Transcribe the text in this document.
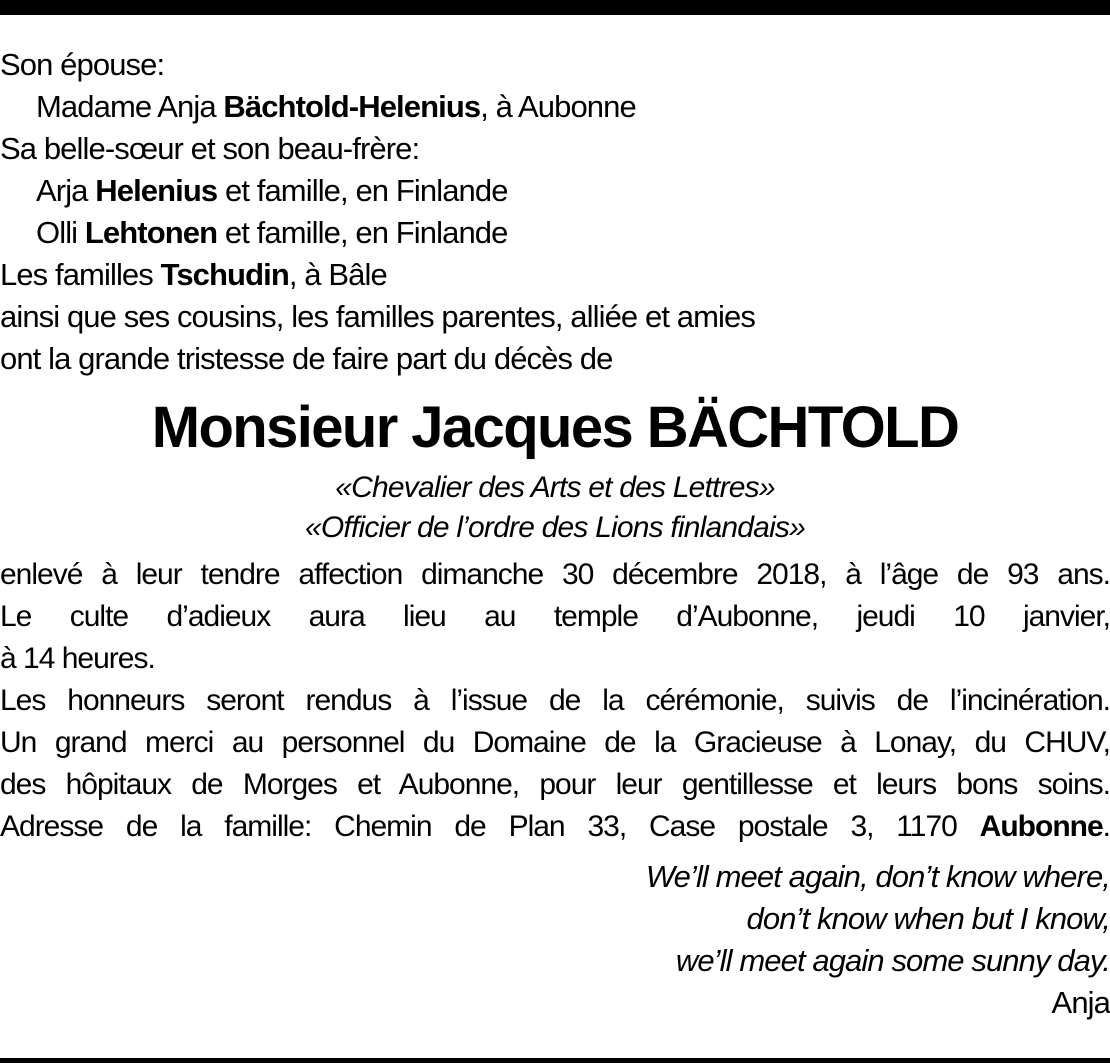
Son épouse:
Madame Anja Bächtold-Helenius, à Aubonne
Sa belle-sœur et son beau-frère:
Arja Helenius et famille, en Finlande
Olli Lehtonen et famille, en Finlande
Les familles Tschudin, à Bâle
ainsi que ses cousins, les familles parentes, alliée et amies
ont la grande tristesse de faire part du décès de
Monsieur Jacques BÄCHTOLD
«Chevalier des Arts et des Lettres»
«Officier de l’ordre des Lions finlandais»
enlevé à leur tendre affection dimanche 30 décembre 2018, à l’âge de 93 ans.
Le culte d’adieux aura lieu au temple d’Aubonne, jeudi 10 janvier,
à 14 heures.
Les honneurs seront rendus à l’issue de la cérémonie, suivis de l’incinération.
Un grand merci au personnel du Domaine de la Gracieuse à Lonay, du CHUV,
des hôpitaux de Morges et Aubonne, pour leur gentillesse et leurs bons soins.
Adresse de la famille: Chemin de Plan 33, Case postale 3, 1170 Aubonne.
We’ll meet again, don’t know where,
don’t know when but I know,
we’ll meet again some sunny day.
Anja
